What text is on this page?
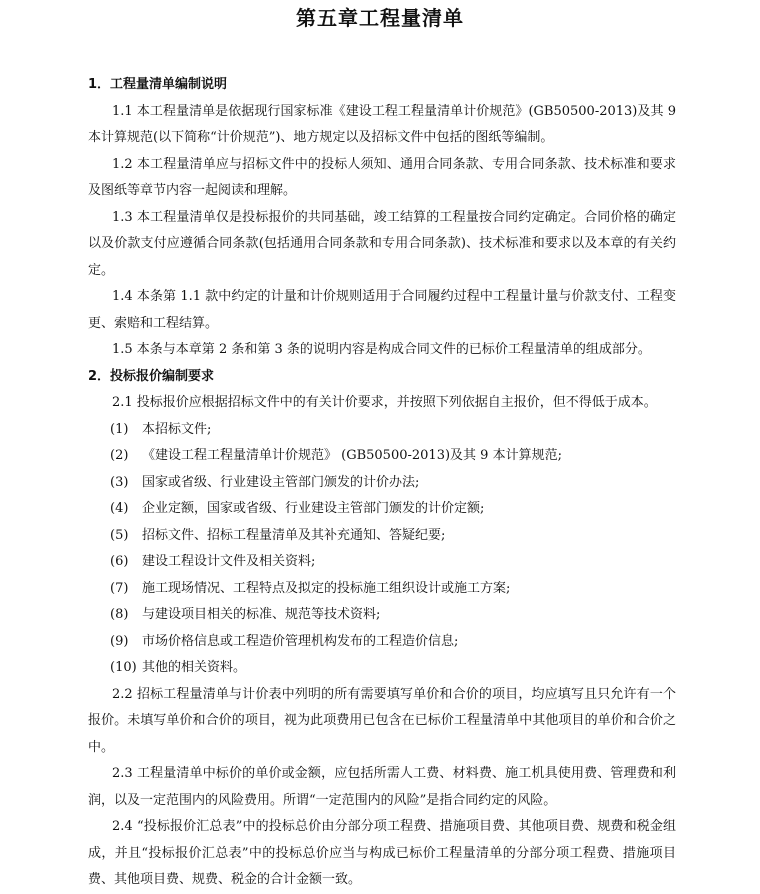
第五章工程量清单

1．工程量清单编制说明

1.1 本工程量清单是依据现行国家标准《建设工程工程量清单计价规范》(GB50500-2013)及其 9 本计算规范(以下简称“计价规范”)、地方规定以及招标文件中包括的图纸等编制。

1.2 本工程量清单应与招标文件中的投标人须知、通用合同条款、专用合同条款、技术标准和要求及图纸等章节内容一起阅读和理解。

1.3 本工程量清单仅是投标报价的共同基础，竣工结算的工程量按合同约定确定。合同价格的确定以及价款支付应遵循合同条款(包括通用合同条款和专用合同条款)、技术标准和要求以及本章的有关约定。

1.4 本条第 1.1 款中约定的计量和计价规则适用于合同履约过程中工程量计量与价款支付、工程变更、索赔和工程结算。

1.5 本条与本章第 2 条和第 3 条的说明内容是构成合同文件的已标价工程量清单的组成部分。

2．投标报价编制要求

2.1 投标报价应根据招标文件中的有关计价要求，并按照下列依据自主报价，但不得低于成本。

(1)	本招标文件;

(2)	《建设工程工程量清单计价规范》 (GB50500-2013)及其 9 本计算规范;

(3)	国家或省级、行业建设主管部门颁发的计价办法;

(4)	企业定额，国家或省级、行业建设主管部门颁发的计价定额;

(5)	招标文件、招标工程量清单及其补充通知、答疑纪要;

(6)	建设工程设计文件及相关资料;

(7)	施工现场情况、工程特点及拟定的投标施工组织设计或施工方案;

(8)	与建设项目相关的标准、规范等技术资料;

(9)	市场价格信息或工程造价管理机构发布的工程造价信息;

(10) 其他的相关资料。

2.2 招标工程量清单与计价表中列明的所有需要填写单价和合价的项目，均应填写且只允许有一个报价。未填写单价和合价的项目，视为此项费用已包含在已标价工程量清单中其他项目的单价和合价之中。

2.3 工程量清单中标价的单价或金额，应包括所需人工费、材料费、施工机具使用费、管理费和利润，以及一定范围内的风险费用。所谓“一定范围内的风险”是指合同约定的风险。

2.4 “投标报价汇总表”中的投标总价由分部分项工程费、措施项目费、其他项目费、规费和税金组成，并且“投标报价汇总表”中的投标总价应当与构成已标价工程量清单的分部分项工程费、措施项目费、其他项目费、规费、税金的合计金额一致。
